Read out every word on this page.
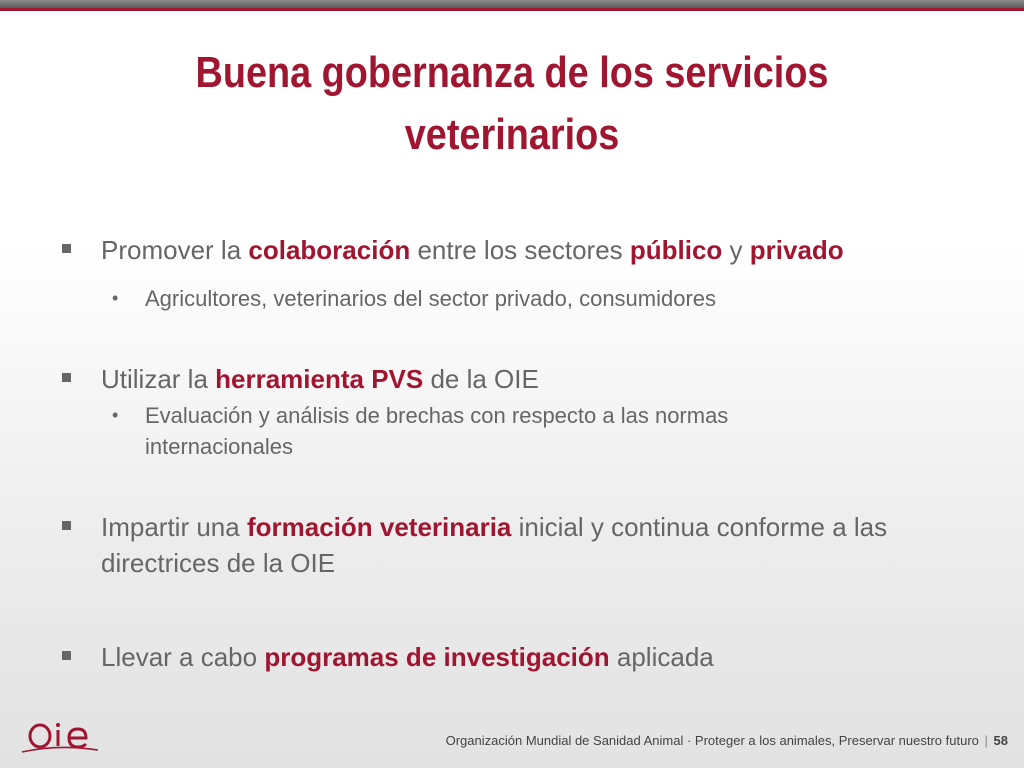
Buena gobernanza de los servicios veterinarios
Promover la colaboración entre los sectores público y privado
• Agricultores, veterinarios del sector privado, consumidores
Utilizar la herramienta PVS de la OIE
• Evaluación y análisis de brechas con respecto a las normas internacionales
Impartir una formación veterinaria inicial y continua conforme a las directrices de la OIE
Llevar a cabo programas de investigación aplicada
Organización Mundial de Sanidad Animal · Proteger a los animales, Preservar nuestro futuro | 58
